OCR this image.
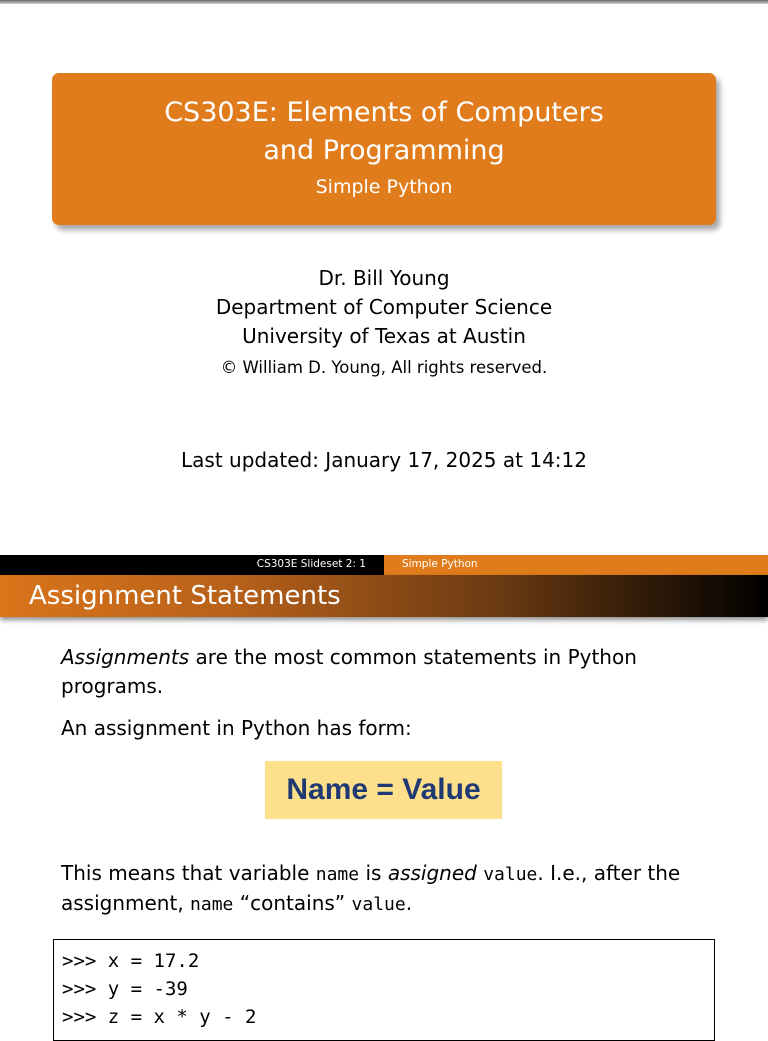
CS303E: Elements of Computers
and Programming
Simple Python
Dr. Bill Young
Department of Computer Science
University of Texas at Austin
© William D. Young, All rights reserved.
Last updated: January 17, 2025 at 14:12
CS303E Slideset 2: 1	Simple Python
Assignment Statements
Assignments are the most common statements in Python programs.
An assignment in Python has form:
Name = Value
This means that variable name is assigned value. I.e., after the assignment, name “contains” value.
>>> x = 17.2
>>> y = -39
>>> z = x * y - 2
